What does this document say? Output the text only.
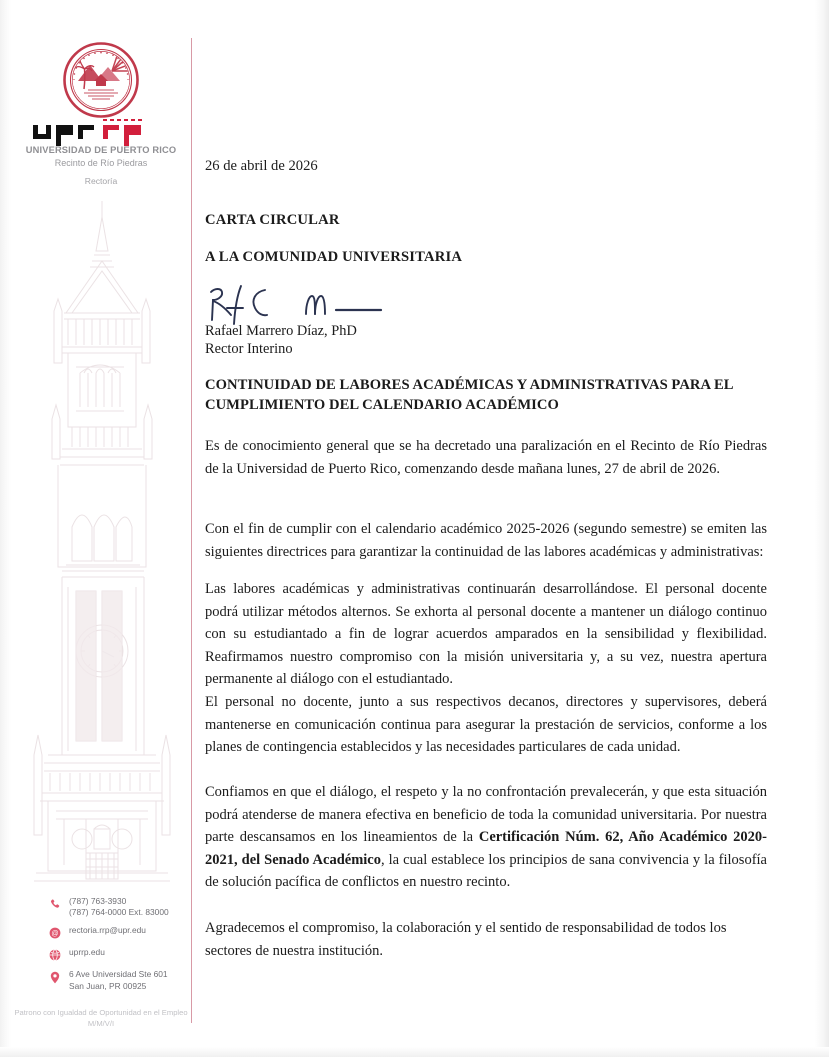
UNIVERSIDAD DE PUERTO RICO
Recinto de Río Piedras
Rectoría
(787) 763-3930
(787) 764-0000 Ext. 83000
@ rectoria.rrp@upr.edu
uprrp.edu
6 Ave Universidad Ste 601
San Juan, PR 00925
Patrono con Igualdad de Oportunidad en el Empleo M/M/V/I
26 de abril de 2026
CARTA CIRCULAR
A LA COMUNIDAD UNIVERSITARIA
Rafael Marrero Díaz, PhD
Rector Interino
CONTINUIDAD DE LABORES ACADÉMICAS Y ADMINISTRATIVAS PARA EL CUMPLIMIENTO DEL CALENDARIO ACADÉMICO
Es de conocimiento general que se ha decretado una paralización en el Recinto de Río Piedras de la Universidad de Puerto Rico, comenzando desde mañana lunes, 27 de abril de 2026.
Con el fin de cumplir con el calendario académico 2025-2026 (segundo semestre) se emiten las siguientes directrices para garantizar la continuidad de las labores académicas y administrativas:
Las labores académicas y administrativas continuarán desarrollándose. El personal docente podrá utilizar métodos alternos. Se exhorta al personal docente a mantener un diálogo continuo con su estudiantado a fin de lograr acuerdos amparados en la sensibilidad y flexibilidad. Reafirmamos nuestro compromiso con la misión universitaria y, a su vez, nuestra apertura permanente al diálogo con el estudiantado.
El personal no docente, junto a sus respectivos decanos, directores y supervisores, deberá mantenerse en comunicación continua para asegurar la prestación de servicios, conforme a los planes de contingencia establecidos y las necesidades particulares de cada unidad.
Confiamos en que el diálogo, el respeto y la no confrontación prevalecerán, y que esta situación podrá atenderse de manera efectiva en beneficio de toda la comunidad universitaria. Por nuestra parte descansamos en los lineamientos de la Certificación Núm. 62, Año Académico 2020-2021, del Senado Académico, la cual establece los principios de sana convivencia y la filosofía de solución pacífica de conflictos en nuestro recinto.
Agradecemos el compromiso, la colaboración y el sentido de responsabilidad de todos los sectores de nuestra institución.
